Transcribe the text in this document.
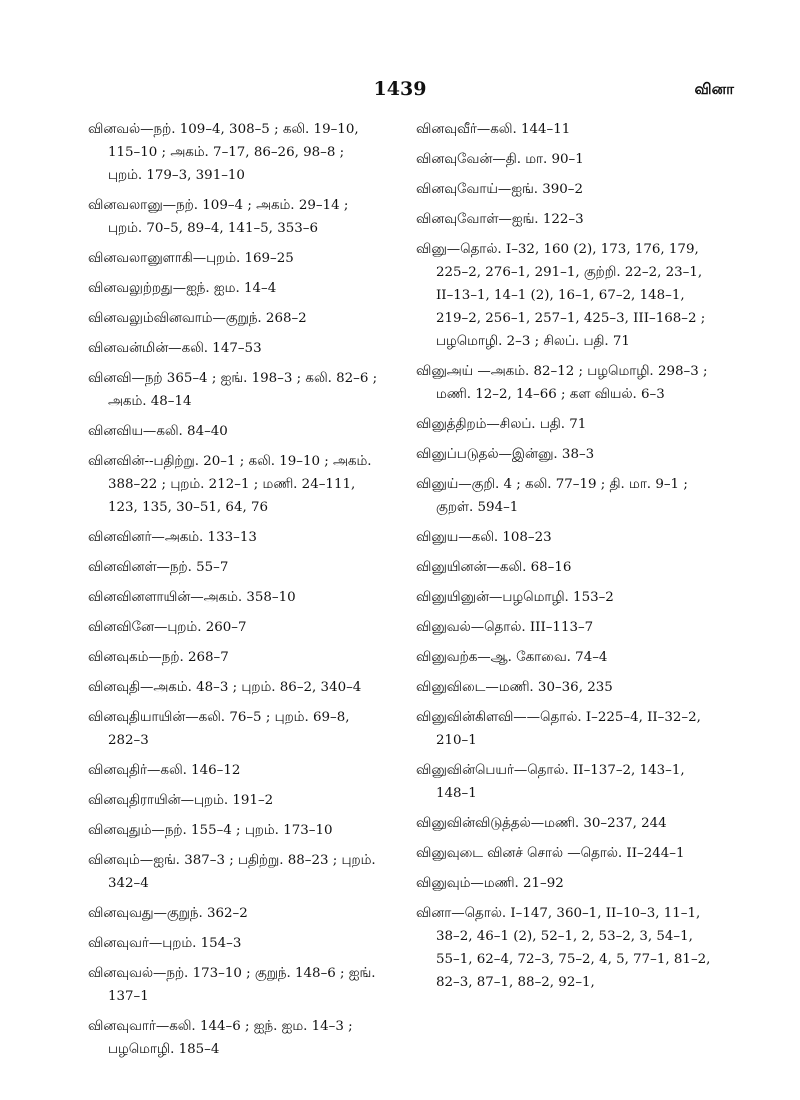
1439	வினா
வினவல்—நற். 109–4, 308–5 ; கலி. 19–10, 115–10 ; அகம். 7–17, 86–26, 98–8 ; புறம். 179–3, 391–10
வினவலானு—நற். 109–4 ; அகம். 29–14 ; புறம். 70–5, 89–4, 141–5, 353–6
வினவலானுளாகி—புறம். 169–25
வினவலுற்றது—ஐந். ஐம. 14–4
வினவலும்வினவாம்—குறுந். 268–2
வினவன்மின்—கலி. 147–53
வினவி—நற் 365–4 ; ஐங். 198–3 ; கலி. 82–6 ; அகம். 48–14
வினவிய—கலி. 84–40
வினவின்--பதிற்று. 20–1 ; கலி. 19–10 ; அகம். 388–22 ; புறம். 212–1 ; மணி. 24–111, 123, 135, 30–51, 64, 76
வினவினர்—அகம். 133–13
வினவினள்—நற். 55–7
வினவினளாயின்—அகம். 358–10
வினவினே—புறம். 260–7
வினவுகம்—நற். 268–7
வினவுதி—அகம். 48–3 ; புறம். 86–2, 340–4
வினவுதியாயின்—கலி. 76–5 ; புறம். 69–8, 282–3
வினவுதிர்—கலி. 146–12
வினவுதிராயின்—புறம். 191–2
வினவுதும்—நற். 155–4 ; புறம். 173–10
வினவும்—ஐங். 387–3 ; பதிற்று. 88–23 ; புறம். 342–4
வினவுவது—குறுந். 362–2
வினவுவர்—புறம். 154–3
வினவுவல்—நற். 173–10 ; குறுந். 148–6 ; ஐங். 137–1
வினவுவார்—கலி. 144–6 ; ஐந். ஐம. 14–3 ; பழமொழி. 185–4
வினவுவீர்—கலி. 144–11
வினவுவேன்—தி. மா. 90–1
வினவுவோய்—ஐங். 390–2
வினவுவோள்—ஐங். 122–3
வினு—தொல். I–32, 160 (2), 173, 176, 179, 225–2, 276–1, 291–1, குற்றி. 22–2, 23–1, II–13–1, 14–1 (2), 16–1, 67–2, 148–1, 219–2, 256–1, 257–1, 425–3, III–168–2 ; பழமொழி. 2–3 ; சிலப். பதி. 71
வினுஅய் —அகம். 82–12 ; பழமொழி. 298–3 ; மணி. 12–2, 14–66 ; கள வியல். 6–3
வினுத்திறம்—சிலப். பதி. 71
வினுப்படுதல்—இன்னு. 38–3
வினுய்—குறி. 4 ; கலி. 77–19 ; தி. மா. 9–1 ; குறள். 594–1
வினுய—கலி. 108–23
வினுயினன்—கலி. 68–16
வினுயினுன்—பழமொழி. 153–2
வினுவல்—தொல். III–113–7
வினுவற்க—ஆ. கோவை. 74–4
வினுவிடை—மணி. 30–36, 235
வினுவின்கிளவி——தொல். I–225–4, II–32–2, 210–1
வினுவின்பெயர்—தொல். II–137–2, 143–1, 148–1
வினுவின்விடுத்தல்—மணி. 30–237, 244
வினுவுடை வினச் சொல் —தொல். II–244–1
வினுவும்—மணி. 21–92
வினா—தொல். I–147, 360–1, II–10–3, 11–1, 38–2, 46–1 (2), 52–1, 2, 53–2, 3, 54–1, 55–1, 62–4, 72–3, 75–2, 4, 5, 77–1, 81–2, 82–3, 87–1, 88–2, 92–1,
